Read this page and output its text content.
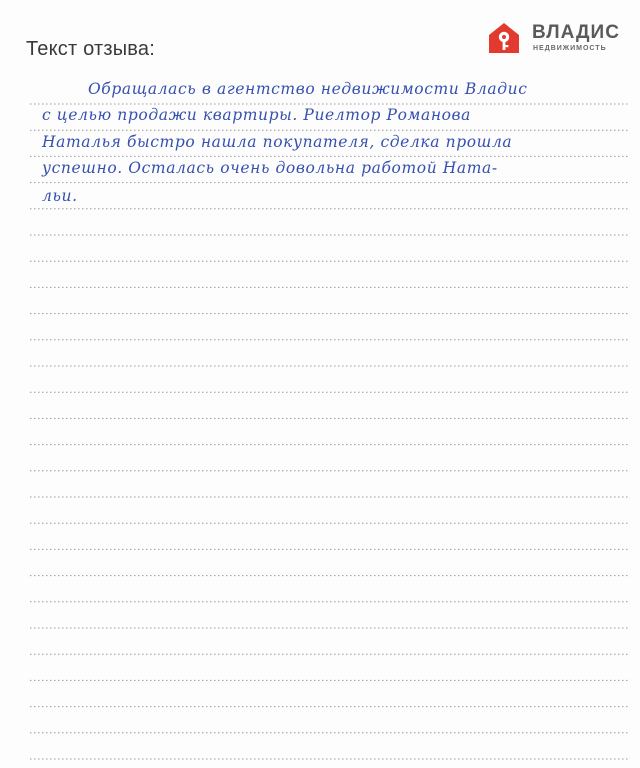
Текст отзыва:
ВЛАДИС
НЕДВИЖИМОСТЬ
Обращалась в агентство недвижимости Владис
с целью продажи квартиры. Риелтор Романова
Наталья быстро нашла покупателя, сделка прошла
успешно. Осталась очень довольна работой Ната-
льи.
